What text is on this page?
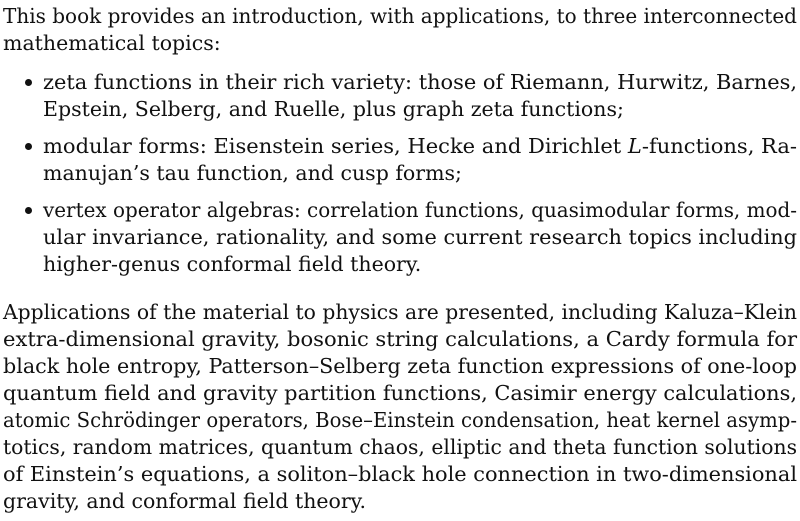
This book provides an introduction, with applications, to three interconnected
mathematical topics:
zeta functions in their rich variety: those of Riemann, Hurwitz, Barnes,
Epstein, Selberg, and Ruelle, plus graph zeta functions;
modular forms: Eisenstein series, Hecke and Dirichlet L-functions, Ra-
manujan’s tau function, and cusp forms;
vertex operator algebras: correlation functions, quasimodular forms, mod-
ular invariance, rationality, and some current research topics including
higher-genus conformal field theory.
Applications of the material to physics are presented, including Kaluza–Klein
extra-dimensional gravity, bosonic string calculations, a Cardy formula for
black hole entropy, Patterson–Selberg zeta function expressions of one-loop
quantum field and gravity partition functions, Casimir energy calculations,
atomic Schrödinger operators, Bose–Einstein condensation, heat kernel asymp-
totics, random matrices, quantum chaos, elliptic and theta function solutions
of Einstein’s equations, a soliton–black hole connection in two-dimensional
gravity, and conformal field theory.
